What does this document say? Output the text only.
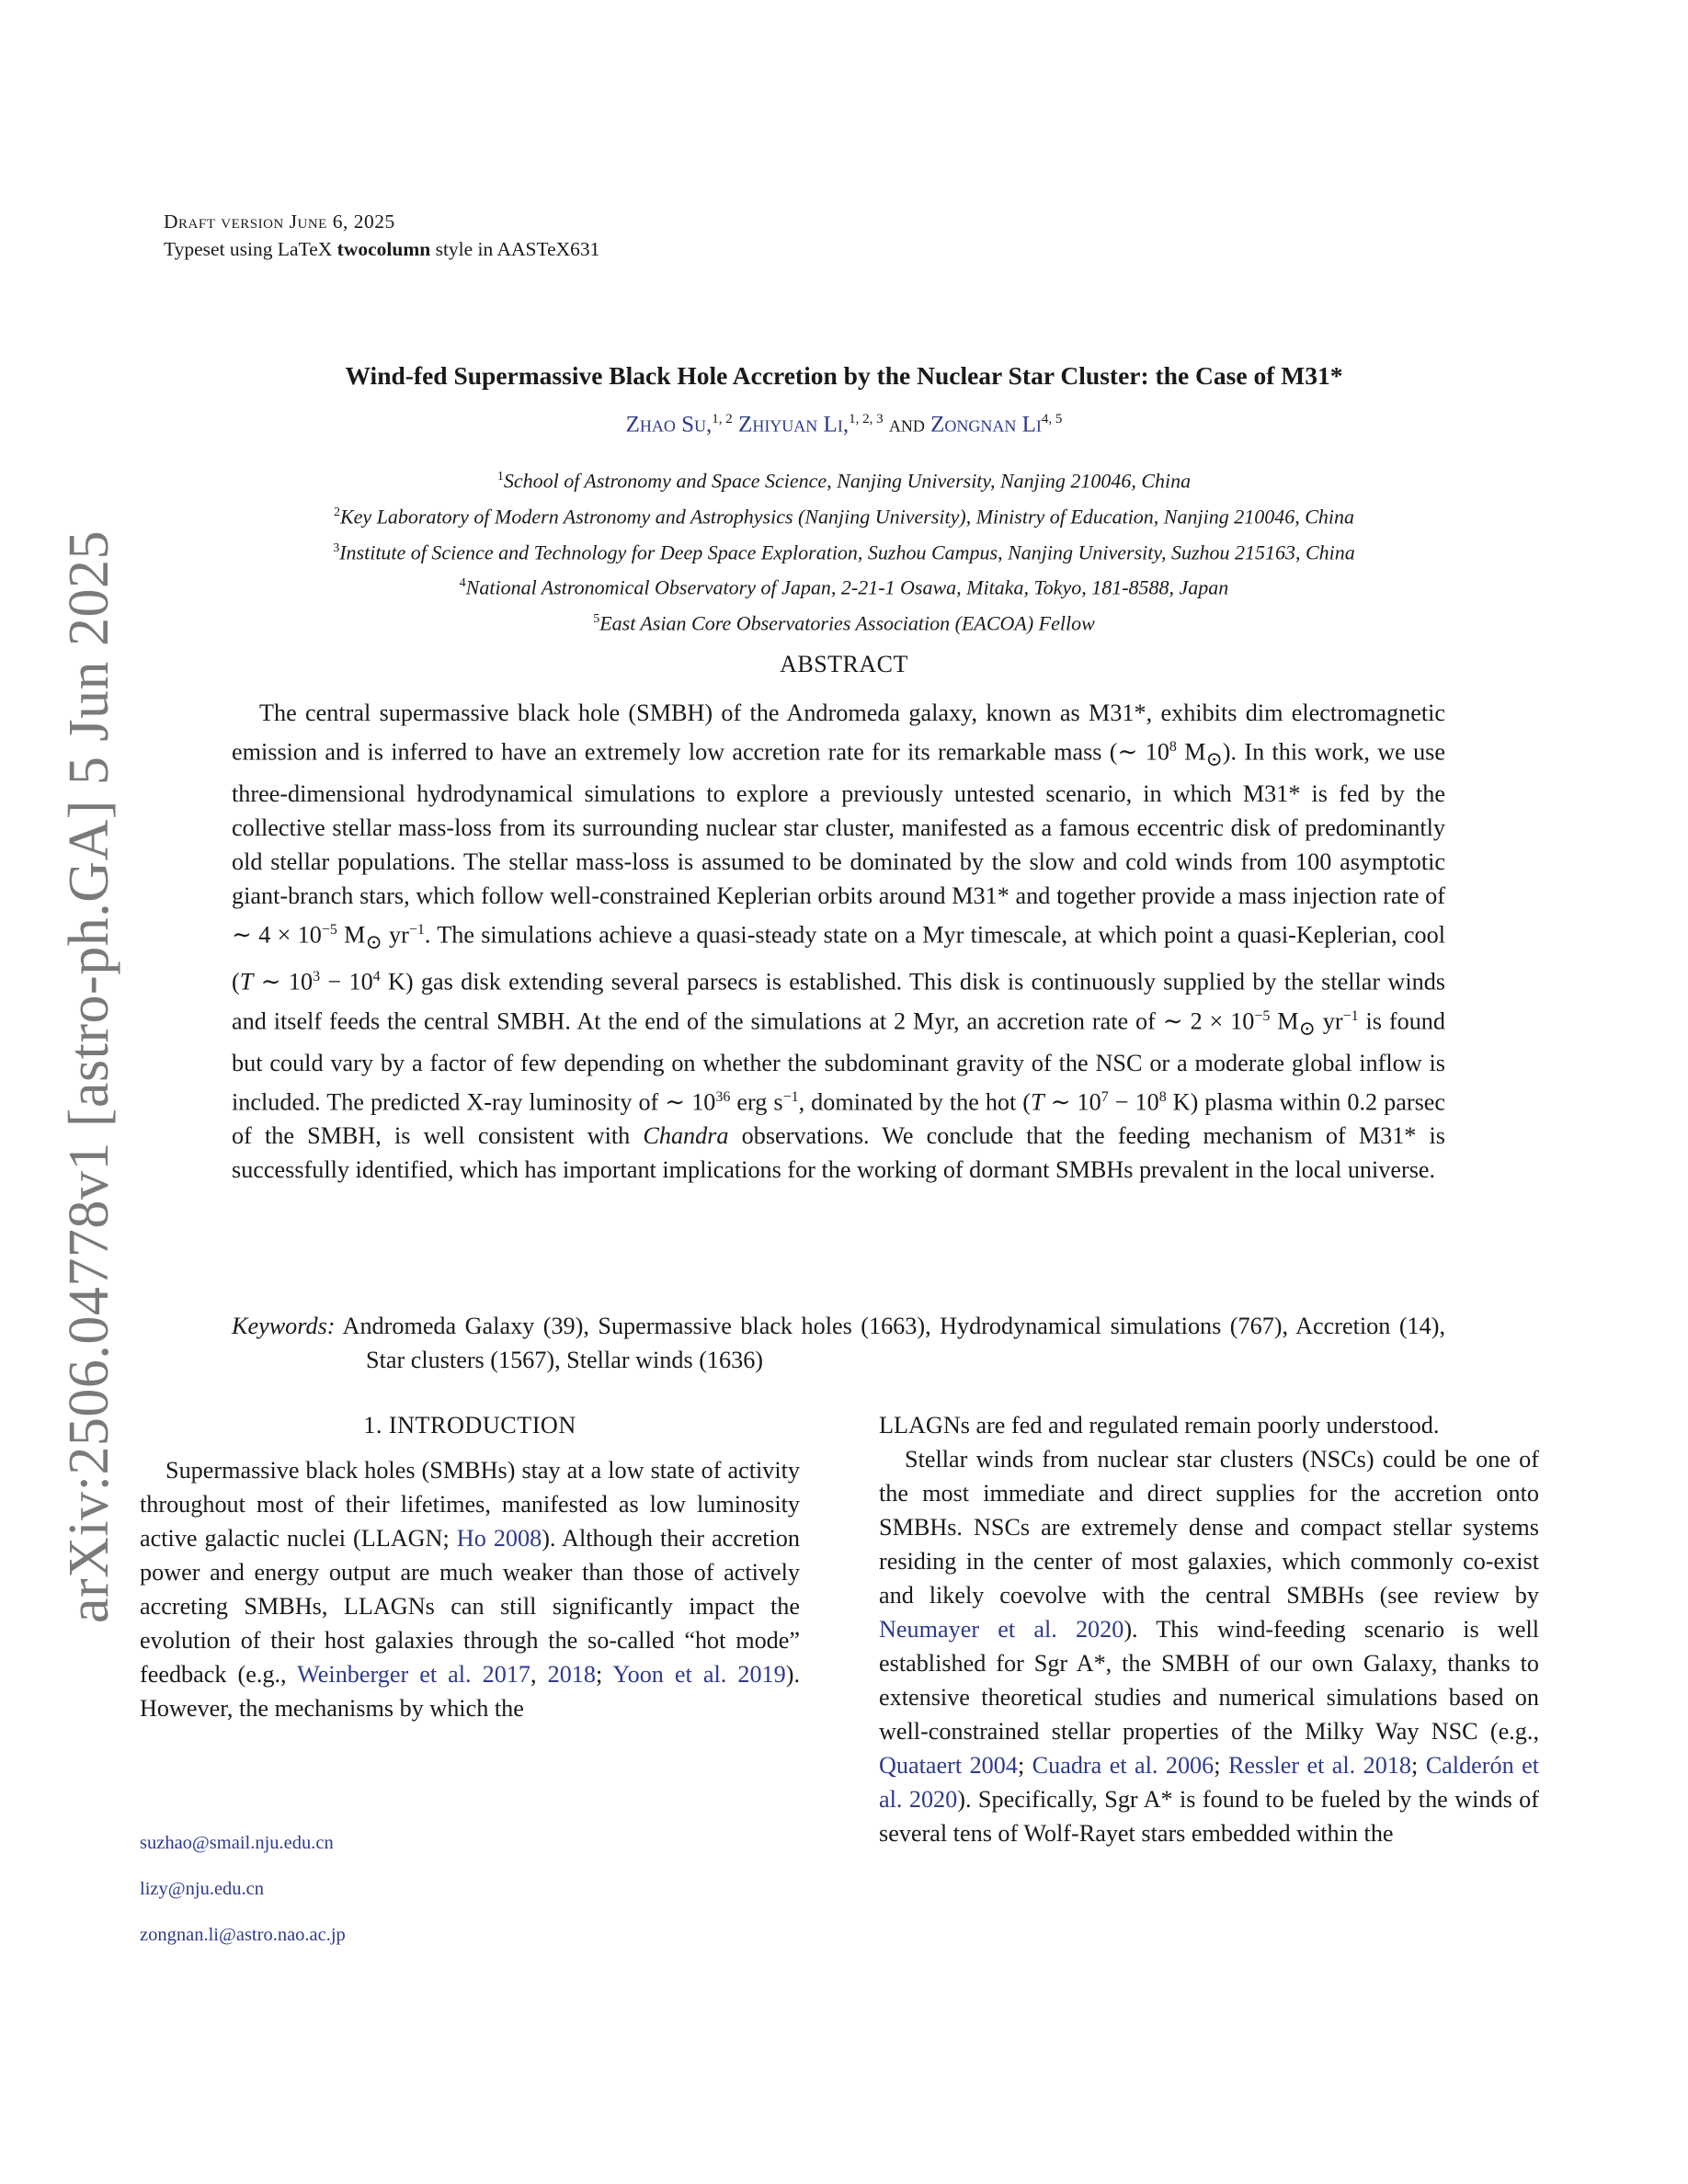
arXiv:2506.04778v1 [astro-ph.GA] 5 Jun 2025
Draft version June 6, 2025
Typeset using LaTeX twocolumn style in AASTeX631
Wind-fed Supermassive Black Hole Accretion by the Nuclear Star Cluster: the Case of M31*
Zhao Su,$^{1, 2}$ Zhiyuan Li,$^{1, 2, 3}$ and Zongnan Li$^{4, 5}$
$^1$School of Astronomy and Space Science, Nanjing University, Nanjing 210046, China
$^2$Key Laboratory of Modern Astronomy and Astrophysics (Nanjing University), Ministry of Education, Nanjing 210046, China
$^3$Institute of Science and Technology for Deep Space Exploration, Suzhou Campus, Nanjing University, Suzhou 215163, China
$^4$National Astronomical Observatory of Japan, 2-21-1 Osawa, Mitaka, Tokyo, 181-8588, Japan
$^5$East Asian Core Observatories Association (EACOA) Fellow
ABSTRACT

The central supermassive black hole (SMBH) of the Andromeda galaxy, known as M31*, exhibits dim electromagnetic emission and is inferred to have an extremely low accretion rate for its remarkable mass (∼ $10^8$ $M_⊙$). In this work, we use three-dimensional hydrodynamical simulations to explore a previously untested scenario, in which M31* is fed by the collective stellar mass-loss from its surrounding nuclear star cluster, manifested as a famous eccentric disk of predominantly old stellar populations. The stellar mass-loss is assumed to be dominated by the slow and cold winds from 100 asymptotic giant-branch stars, which follow well-constrained Keplerian orbits around M31* and together provide a mass injection rate of ∼ $4 \times 10^{-5}$ $M_⊙$ $yr^{-1}$. The simulations achieve a quasi-steady state on a Myr timescale, at which point a quasi-Keplerian, cool (T ∼ $10^3 - 10^4$ K) gas disk extending several parsecs is established. This disk is continuously supplied by the stellar winds and itself feeds the central SMBH. At the end of the simulations at 2 Myr, an accretion rate of ∼ $2 \times 10^{-5}$ $M_⊙$ $yr^{-1}$ is found but could vary by a factor of few depending on whether the subdominant gravity of the NSC or a moderate global inflow is included. The predicted X-ray luminosity of ∼ $10^{36}$ erg $s^{-1}$, dominated by the hot (T ∼ $10^7 - 10^8$ K) plasma within 0.2 parsec of the SMBH, is well consistent with Chandra observations. We conclude that the feeding mechanism of M31* is successfully identified, which has important implications for the working of dormant SMBHs prevalent in the local universe.

Keywords: Andromeda Galaxy (39), Supermassive black holes (1663), Hydrodynamical simulations (767), Accretion (14), Star clusters (1567), Stellar winds (1636)

1. INTRODUCTION

Supermassive black holes (SMBHs) stay at a low state of activity throughout most of their lifetimes, manifested as low luminosity active galactic nuclei (LLAGN; Ho 2008). Although their accretion power and energy output are much weaker than those of actively accreting SMBHs, LLAGNs can still significantly impact the evolution of their host galaxies through the so-called “hot mode” feedback (e.g., Weinberger et al. 2017, 2018; Yoon et al. 2019). However, the mechanisms by which the

suzhao@smail.nju.edu.cn
lizy@nju.edu.cn
zongnan.li@astro.nao.ac.jp

LLAGNs are fed and regulated remain poorly understood.

Stellar winds from nuclear star clusters (NSCs) could be one of the most immediate and direct supplies for the accretion onto SMBHs. NSCs are extremely dense and compact stellar systems residing in the center of most galaxies, which commonly co-exist and likely coevolve with the central SMBHs (see review by Neumayer et al. 2020). This wind-feeding scenario is well established for Sgr A*, the SMBH of our own Galaxy, thanks to extensive theoretical studies and numerical simulations based on well-constrained stellar properties of the Milky Way NSC (e.g., Quataert 2004; Cuadra et al. 2006; Ressler et al. 2018; Calderón et al. 2020). Specifically, Sgr A* is found to be fueled by the winds of several tens of Wolf-Rayet stars embedded within the
